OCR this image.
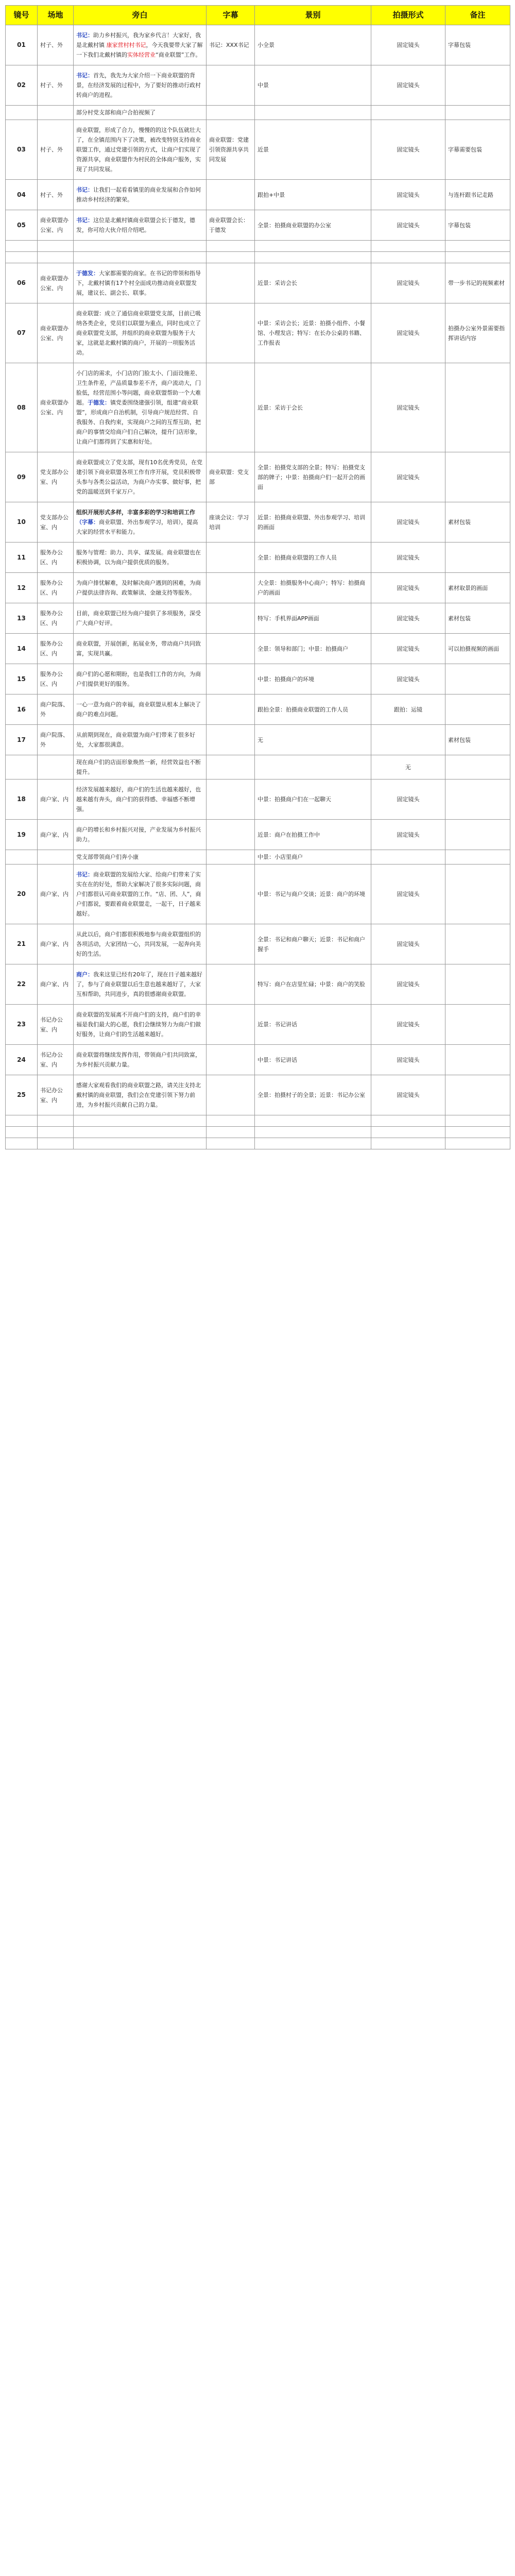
镜号	场地	旁白	字幕	景别	拍摄形式	备注
01	村子、外	书记：助力乡村振兴，我为家乡代言！大家好，我是北戴村镇 康家营村村书记，今天我要带大家了解一下我们北戴村镇的实体经营业“商业联盟”工作。	书记：XXX书记	小全景	固定镜头	字幕包装
02	村子、外	书记：首先，我先为大家介绍一下商业联盟的背景，在经济发展的过程中，为了要好的推动行政村转商户的进程。		中景	固定镜头	
		部分村党支部和商户合拍视频了				
03	村子、外	商业联盟，形成了合力，慢慢的的这个队伍就壮大了，在全镇范围内下了决策，被改变特别支持商业联盟工作，通过党建引领的方式，让商户们实现了资源共享，商业联盟作为村民的全体商户服务，实现了共同发展。	商业联盟：党建引领资源共享共同发展	近景	固定镜头	字幕需要包装
04	村子、外	书记：让我们一起看看镇里的商业发展和合作如何推动乡村经济的繁荣。		跟拍+中景	固定镜头	与连杆跟书记走路
05	商业联盟办公室、内	书记：这位是北戴村镇商业联盟会长于德发，德发，你可给大伙介绍介绍吧。	商业联盟会长：于德发	全景：拍摄商业联盟的办公室	固定镜头	字幕包装

06	商业联盟办公室、内	于德发：大家都需要的商家。在书记的带领和指导下，北戴村镇有17个村全面成功推动商业联盟发展，建议长、副会长、联事。		近景：采访会长	固定镜头	带一步书记的视频素材
07	商业联盟办公室、内	商业联盟：成立了通信商业联盟党支部，目前已吸纳各类企业，党员们以联盟为重点，同时也成立了商业联盟党支部，并组织的商业联盟为服务于大家，这就是北戴村镇的商户，开展的一项服务活动。		中景：采访会长；近景：拍摄小组件、小餐馆、小理发店；特写：在长办公桌的书籍、工作报表	固定镜头	拍摄办公室外景需要指挥讲话内容
08	商业联盟办公室、内	小门店的需求，小门店的门脸太小、门面设施差、卫生条件差，产品质量参差不齐，商户流动大，门脸低，经营范围小等问题，商业联盟帮助一个大难题。于德发：镇党委围绕建强引领，组建“商业联盟”，形成商户自治机制，引导商户规范经营、自我服务、自我约束，实现商户之间的互帮互助，把商户的事情交给商户们自己解决，提升门店形象，让商户们都得到了实惠和好处。		近景：采访于会长	固定镜头	
09	党支部办公室、内	商业联盟成立了党支部，现有10名优秀党员，在党建引领下商业联盟各项工作有序开展，党员积极带头参与各类公益活动，为商户办实事、做好事，把党的温暖送到千家万户。	商业联盟：党支部	全景：拍摄党支部的全景；特写：拍摄党支部的牌子；中景：拍摄商户们一起开会的画面	固定镜头	
10	党支部办公室、内	组织开展形式多样，丰富多彩的学习和培训工作（字幕：商业联盟、外出参观学习，培训），提高大家的经营水平和能力。	座谈会议：学习培训	近景：拍摄商业联盟、外出参观学习、培训的画面	固定镜头	素材包装
11	服务办公区、内	服务与管理：助力、共享、谋发展。商业联盟也在积极协调，以为商户提供优质的服务。		全景：拍摄商业联盟的工作人员	固定镜头	
12	服务办公区、内	为商户排忧解难，及时解决商户遇到的困难，为商户提供法律咨询、政策解读、金融支持等服务。		大全景：拍摄服务中心商户；特写：拍摄商户的画面	固定镜头	素材取景的画面
13	服务办公区、内	目前，商业联盟已经为商户提供了多项服务，深受广大商户好评。		特写：手机界面APP画面	固定镜头	素材包装
14	服务办公区、内	商业联盟，开展创新，拓展业务，带动商户共同致富，实现共赢。		全景：领导和部门；中景：拍摄商户	固定镜头	可以拍摄视频的画面
15	服务办公区、内	商户们的心愿和期盼，也是我们工作的方向，为商户们提供更好的服务。		中景：拍摄商户的环境	固定镜头	
16	商户院落、外	一心一意为商户的幸福，商业联盟从根本上解决了商户的难点问题。		跟拍全景：拍摄商业联盟的工作人员	跟拍：运镜	
17	商户院落、外	从前期到现在，商业联盟为商户们带来了很多好处，大家都很满意。		无		素材包装
		现在商户们的店面形象焕然一新，经营效益也不断提升。			无	
18	商户家、内	经济发展越来越好，商户们的生活也越来越好，也越来越有奔头，商户们的获得感、幸福感不断增强。		中景：拍摄商户们在一起聊天	固定镜头	
19	商户家、内	商户的增长和乡村振兴对接，产业发展为乡村振兴助力。		近景：商户在拍摄工作中	固定镜头	
		党支部带领商户们奔小康		中景：小店里商户		
20	商户家、内	书记：商业联盟的发展给大家、给商户们带来了实实在在的好处，帮助大家解决了很多实际问题，商户们都很认可商业联盟的工作。“店、团、人”，商户们都说，要跟着商业联盟走，一起干，日子越来越好。		中景：书记与商户交谈；近景：商户的环境	固定镜头	
21	商户家、内	从此以后，商户们都很积极地参与商业联盟组织的各项活动，大家团结一心，共同发展，一起奔向美好的生活。		全景：书记和商户聊天；近景：书记和商户握手	固定镜头	
22	商户家、内	商户：我来这里已经有20年了，现在日子越来越好了，参与了商业联盟以后生意也越来越好了，大家互相帮助，共同进步，真的很感谢商业联盟。		特写：商户在店里忙碌；中景：商户的笑脸	固定镜头	
23	书记办公室、内	商业联盟的发展离不开商户们的支持，商户们的幸福是我们最大的心愿，我们会继续努力为商户们做好服务，让商户们的生活越来越好。		近景：书记讲话	固定镜头	
24	书记办公室、内	商业联盟将继续发挥作用，带领商户们共同致富，为乡村振兴贡献力量。		中景：书记讲话	固定镜头	
25	书记办公室、内	感谢大家观看我们的商业联盟之路，请关注支持北戴村镇的商业联盟，我们会在党建引领下努力前进，为乡村振兴贡献自己的力量。		全景：拍摄村子的全景；近景：书记办公室	固定镜头	
